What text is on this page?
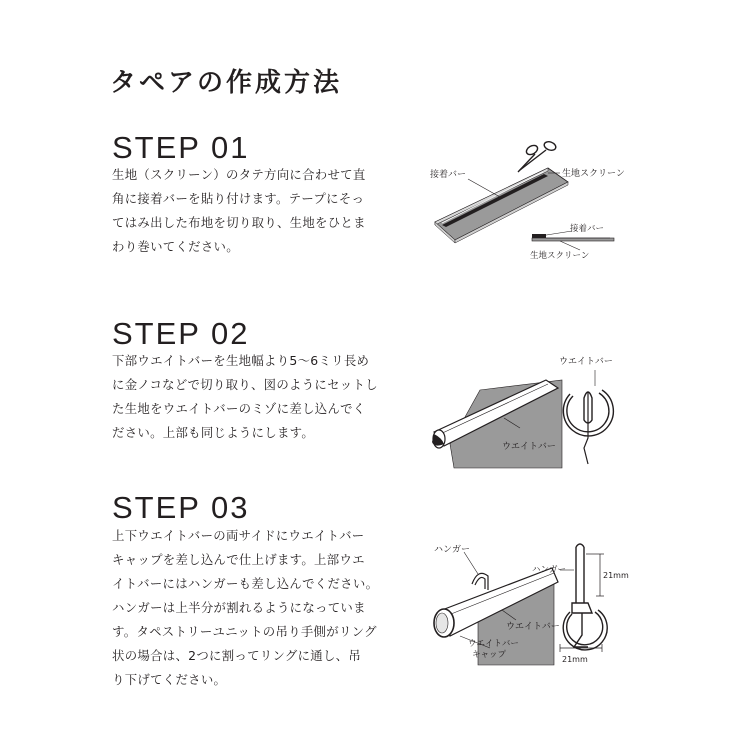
タペアの作成方法
STEP 01
生地（スクリーン）のタテ方向に合わせて直
角に接着バーを貼り付けます。テープにそっ
てはみ出した布地を切り取り、生地をひとま
わり巻いてください。
接着バー	生地スクリーン
接着バー
生地スクリーン
STEP 02
下部ウエイトバーを生地幅より5～6ミリ長め
に金ノコなどで切り取り、図のようにセットし
た生地をウエイトバーのミゾに差し込んでく
ださい。上部も同じようにします。
ウエイトバー
ウエイトバー
STEP 03
上下ウエイトバーの両サイドにウエイトバー
キャップを差し込んで仕上げます。上部ウエ
イトバーにはハンガーも差し込んでください。
ハンガーは上半分が割れるようになっていま
す。タペストリーユニットの吊り手側がリング
状の場合は、2つに割ってリングに通し、吊
り下げてください。
ハンガー
ハンガー
ウエイトバー
ウエイトバー
キャップ
21mm
21mm
